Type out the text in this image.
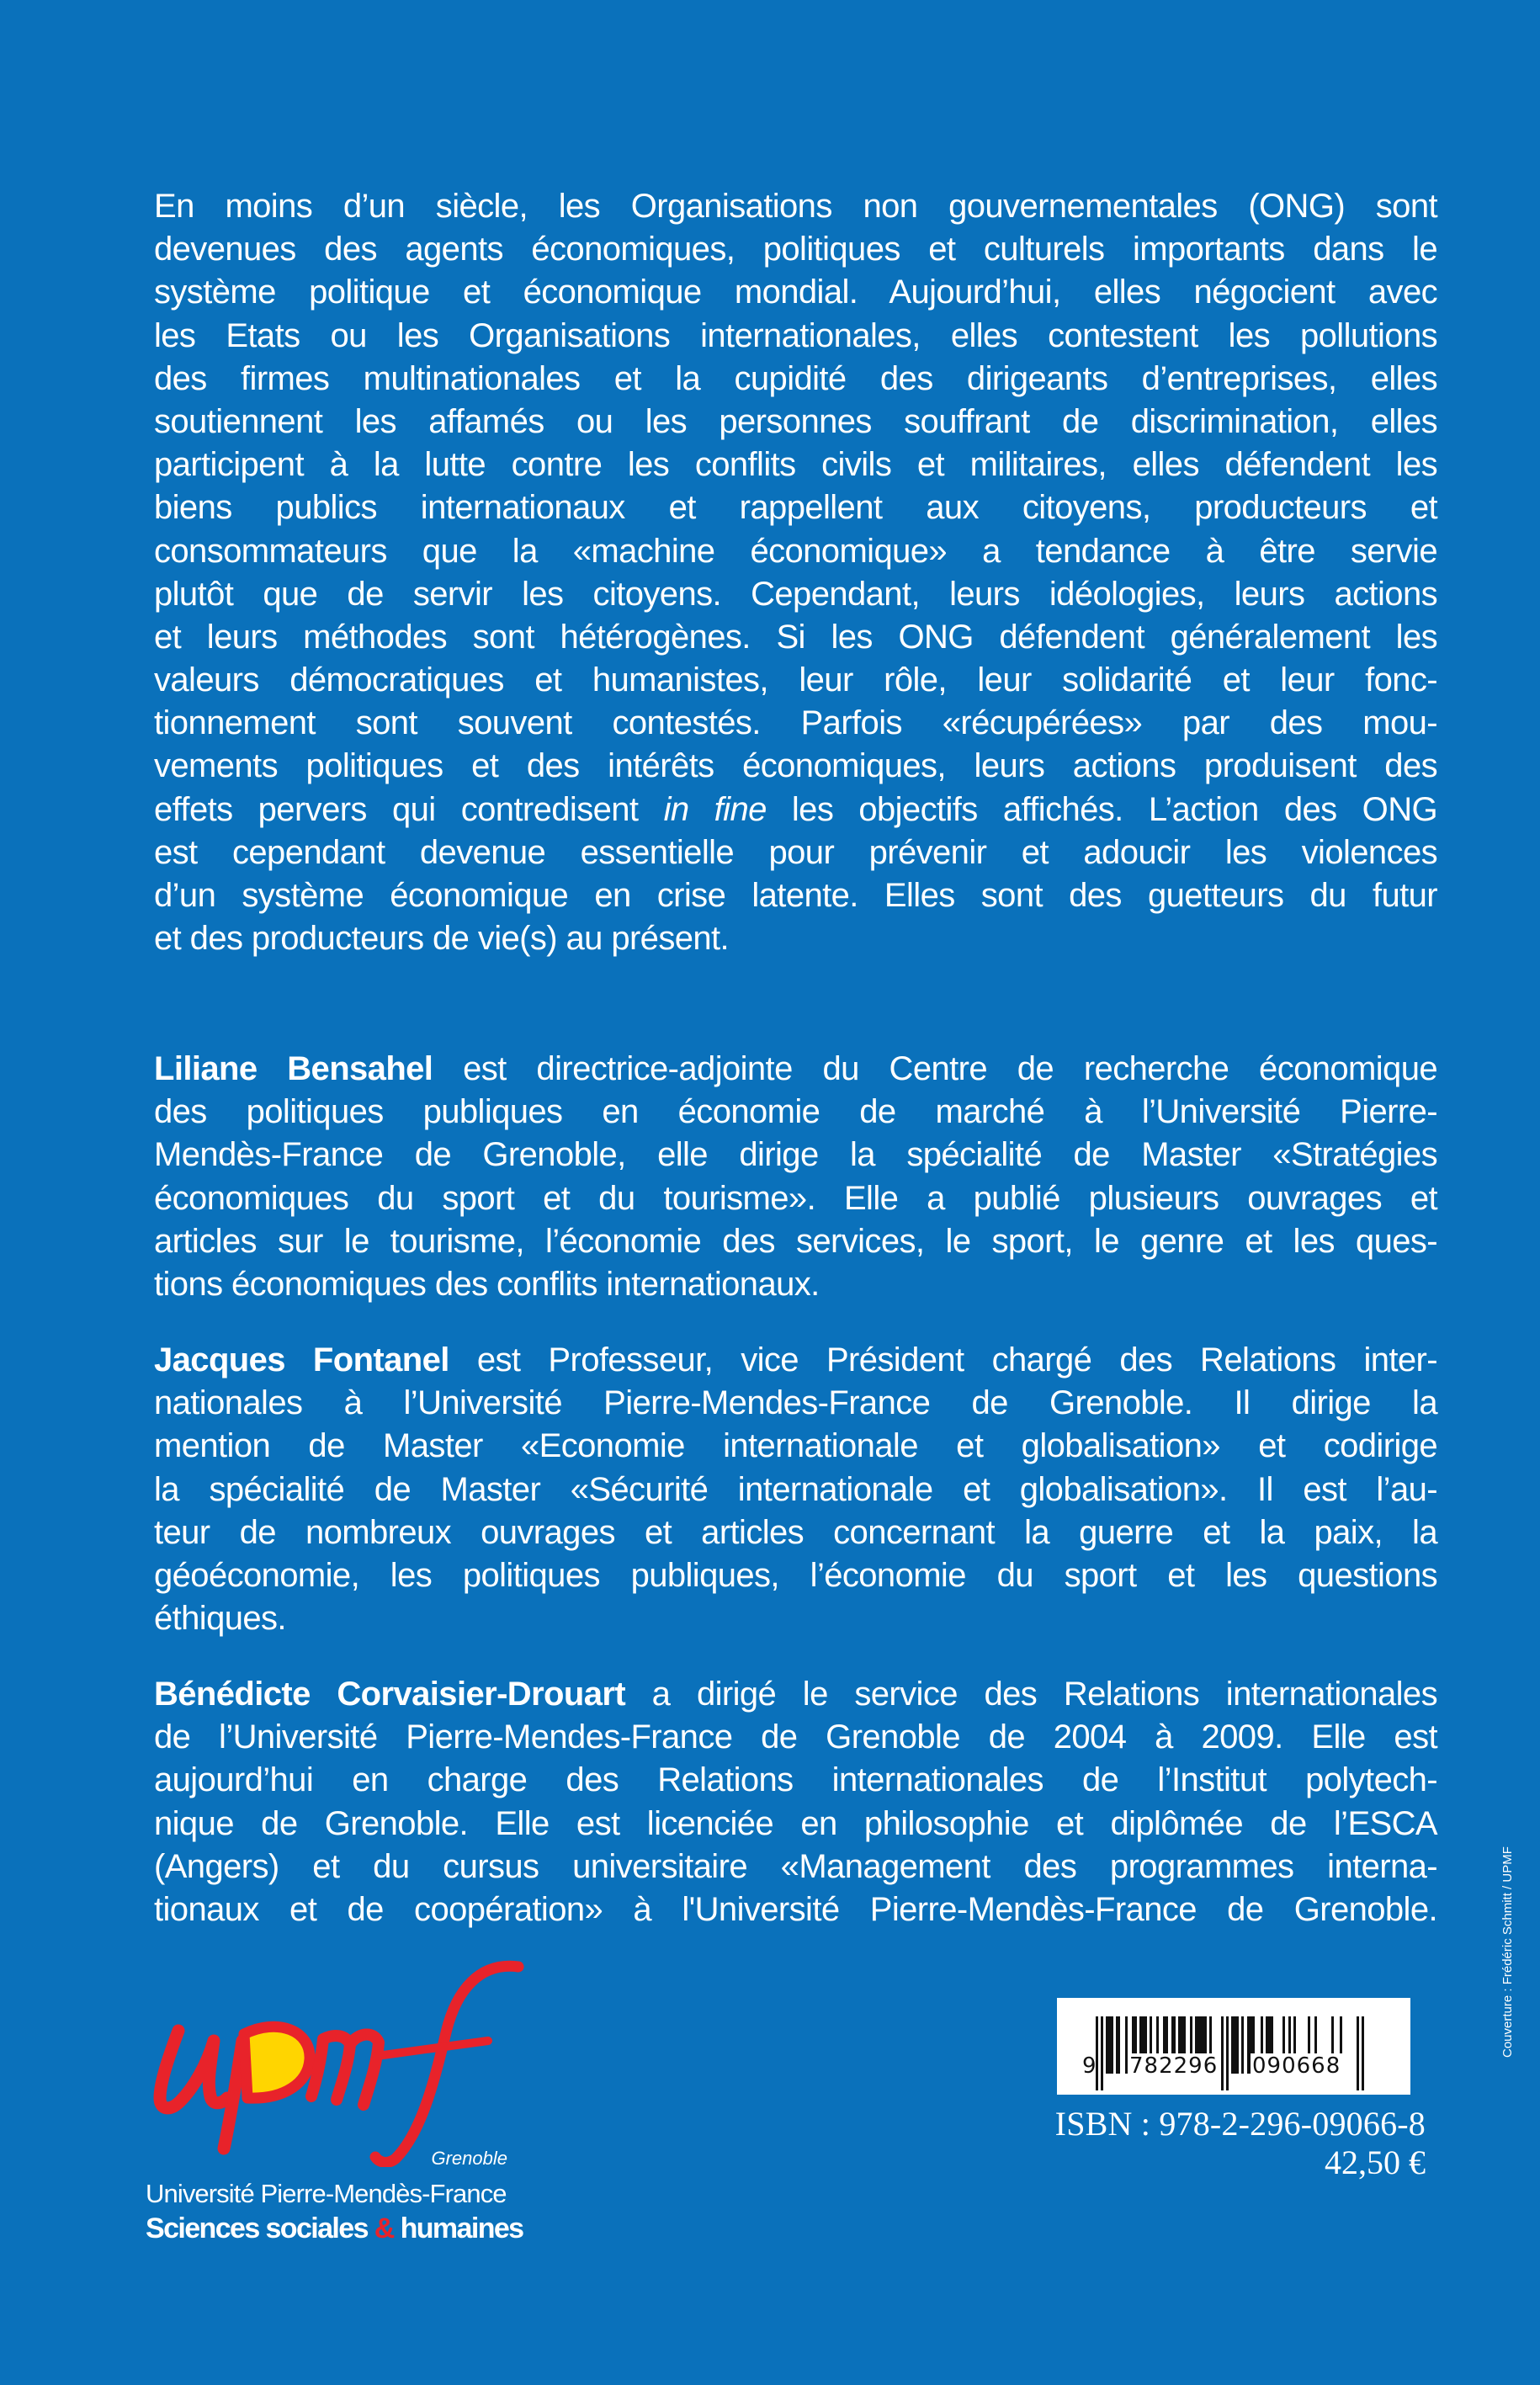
En moins d’un siècle, les Organisations non gouvernementales (ONG) sont
devenues des agents économiques, politiques et culturels importants dans le
système politique et économique mondial. Aujourd’hui, elles négocient avec
les Etats ou les Organisations internationales, elles contestent les pollutions
des firmes multinationales et la cupidité des dirigeants d’entreprises, elles
soutiennent les affamés ou les personnes souffrant de discrimination, elles
participent à la lutte contre les conflits civils et militaires, elles défendent les
biens publics internationaux et rappellent aux citoyens, producteurs et
consommateurs que la «machine économique» a tendance à être servie
plutôt que de servir les citoyens. Cependant, leurs idéologies, leurs actions
et leurs méthodes sont hétérogènes. Si les ONG défendent généralement les
valeurs démocratiques et humanistes, leur rôle, leur solidarité et leur fonc-
tionnement sont souvent contestés. Parfois «récupérées» par des mou-
vements politiques et des intérêts économiques, leurs actions produisent des
effets pervers qui contredisent in fine les objectifs affichés. L’action des ONG
est cependant devenue essentielle pour prévenir et adoucir les violences
d’un système économique en crise latente. Elles sont des guetteurs du futur
et des producteurs de vie(s) au présent.
Liliane Bensahel est directrice-adjointe du Centre de recherche économique
des politiques publiques en économie de marché à l’Université Pierre-
Mendès-France de Grenoble, elle dirige la spécialité de Master «Stratégies
économiques du sport et du tourisme». Elle a publié plusieurs ouvrages et
articles sur le tourisme, l’économie des services, le sport, le genre et les ques-
tions économiques des conflits internationaux.
Jacques Fontanel est Professeur, vice Président chargé des Relations inter-
nationales à l’Université Pierre-Mendes-France de Grenoble. Il dirige la
mention de Master «Economie internationale et globalisation» et codirige
la spécialité de Master «Sécurité internationale et globalisation». Il est l’au-
teur de nombreux ouvrages et articles concernant la guerre et la paix, la
géoéconomie, les politiques publiques, l’économie du sport et les questions
éthiques.
Bénédicte Corvaisier-Drouart a dirigé le service des Relations internationales
de l’Université Pierre-Mendes-France de Grenoble de 2004 à 2009. Elle est
aujourd’hui en charge des Relations internationales de l’Institut polytech-
nique de Grenoble. Elle est licenciée en philosophie et diplômée de l’ESCA
(Angers) et du cursus universitaire «Management des programmes interna-
tionaux et de coopération» à l'Université Pierre-Mendès-France de Grenoble.	Couverture : Frédéric Schmitt / UPMF
Grenoble
Université Pierre-Mendès-France
Sciences sociales & humaines
9 782296 090668
ISBN : 978-2-296-09066-8
42,50 €
